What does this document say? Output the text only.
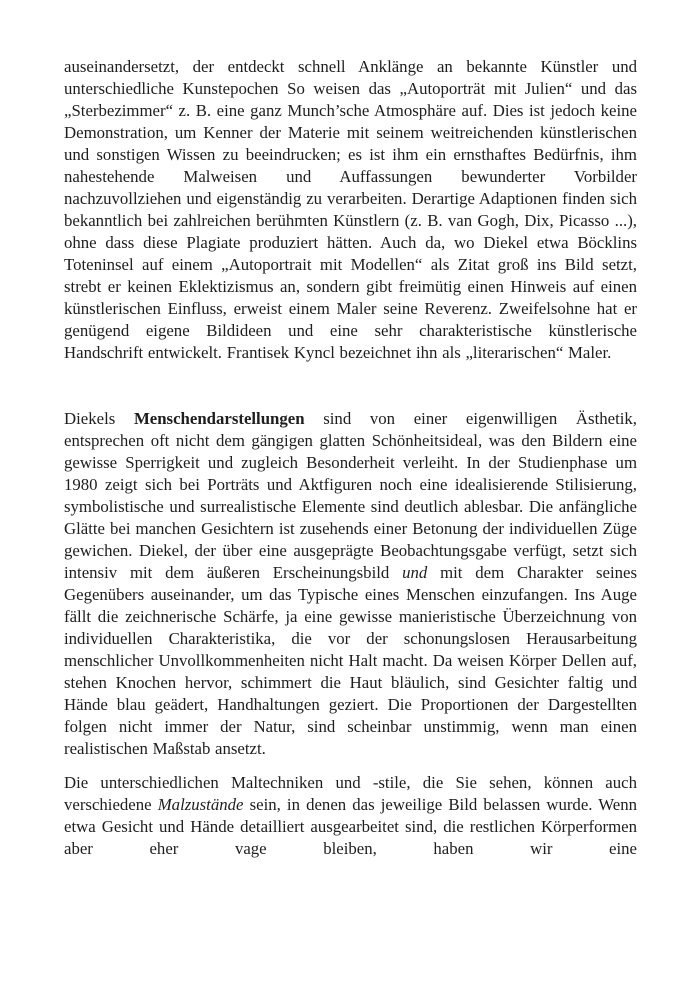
auseinandersetzt, der entdeckt schnell Anklänge an bekannte Künstler und unterschiedliche Kunstepochen So weisen das „Autoporträt mit Julien“ und das „Sterbezimmer“ z. B. eine ganz Munch’sche Atmosphäre auf. Dies ist jedoch keine Demonstration, um Kenner der Materie mit seinem weitreichenden künstlerischen und sonstigen Wissen zu beeindrucken; es ist ihm ein ernsthaftes Bedürfnis, ihm nahestehende Malweisen und Auffassungen bewunderter Vorbilder nachzuvollziehen und eigenständig zu verarbeiten. Derartige Adaptionen finden sich bekanntlich bei zahlreichen berühmten Künstlern (z. B. van Gogh, Dix, Picasso ...), ohne dass diese Plagiate produziert hätten. Auch da, wo Diekel etwa Böcklins Toteninsel auf einem „Autoportrait mit Modellen“ als Zitat groß ins Bild setzt, strebt er keinen Eklektizismus an, sondern gibt freimütig einen Hinweis auf einen künstlerischen Einfluss, erweist einem Maler seine Reverenz. Zweifelsohne hat er genügend eigene Bildideen und eine sehr charakteristische künstlerische Handschrift entwickelt. Frantisek Kyncl bezeichnet ihn als „literarischen“ Maler.

Diekels Menschendarstellungen sind von einer eigenwilligen Ästhetik, entsprechen oft nicht dem gängigen glatten Schönheitsideal, was den Bildern eine gewisse Sperrigkeit und zugleich Besonderheit verleiht. In der Studienphase um 1980 zeigt sich bei Porträts und Aktfiguren noch eine idealisierende Stilisierung, symbolistische und surrealistische Elemente sind deutlich ablesbar. Die anfängliche Glätte bei manchen Gesichtern ist zusehends einer Betonung der individuellen Züge gewichen. Diekel, der über eine ausgeprägte Beobachtungsgabe verfügt, setzt sich intensiv mit dem äußeren Erscheinungsbild und mit dem Charakter seines Gegenübers auseinander, um das Typische eines Menschen einzufangen. Ins Auge fällt die zeichnerische Schärfe, ja eine gewisse manieristische Überzeichnung von individuellen Charakteristika, die vor der schonungslosen Herausarbeitung menschlicher Unvollkommenheiten nicht Halt macht. Da weisen Körper Dellen auf, stehen Knochen hervor, schimmert die Haut bläulich, sind Gesichter faltig und Hände blau geädert, Handhaltungen geziert. Die Proportionen der Dargestellten folgen nicht immer der Natur, sind scheinbar unstimmig, wenn man einen realistischen Maßstab ansetzt.

Die unterschiedlichen Maltechniken und -stile, die Sie sehen, können auch verschiedene Malzustände sein, in denen das jeweilige Bild belassen wurde. Wenn etwa Gesicht und Hände detailliert ausgearbeitet sind, die restlichen Körperformen aber eher vage bleiben, haben wir eine
